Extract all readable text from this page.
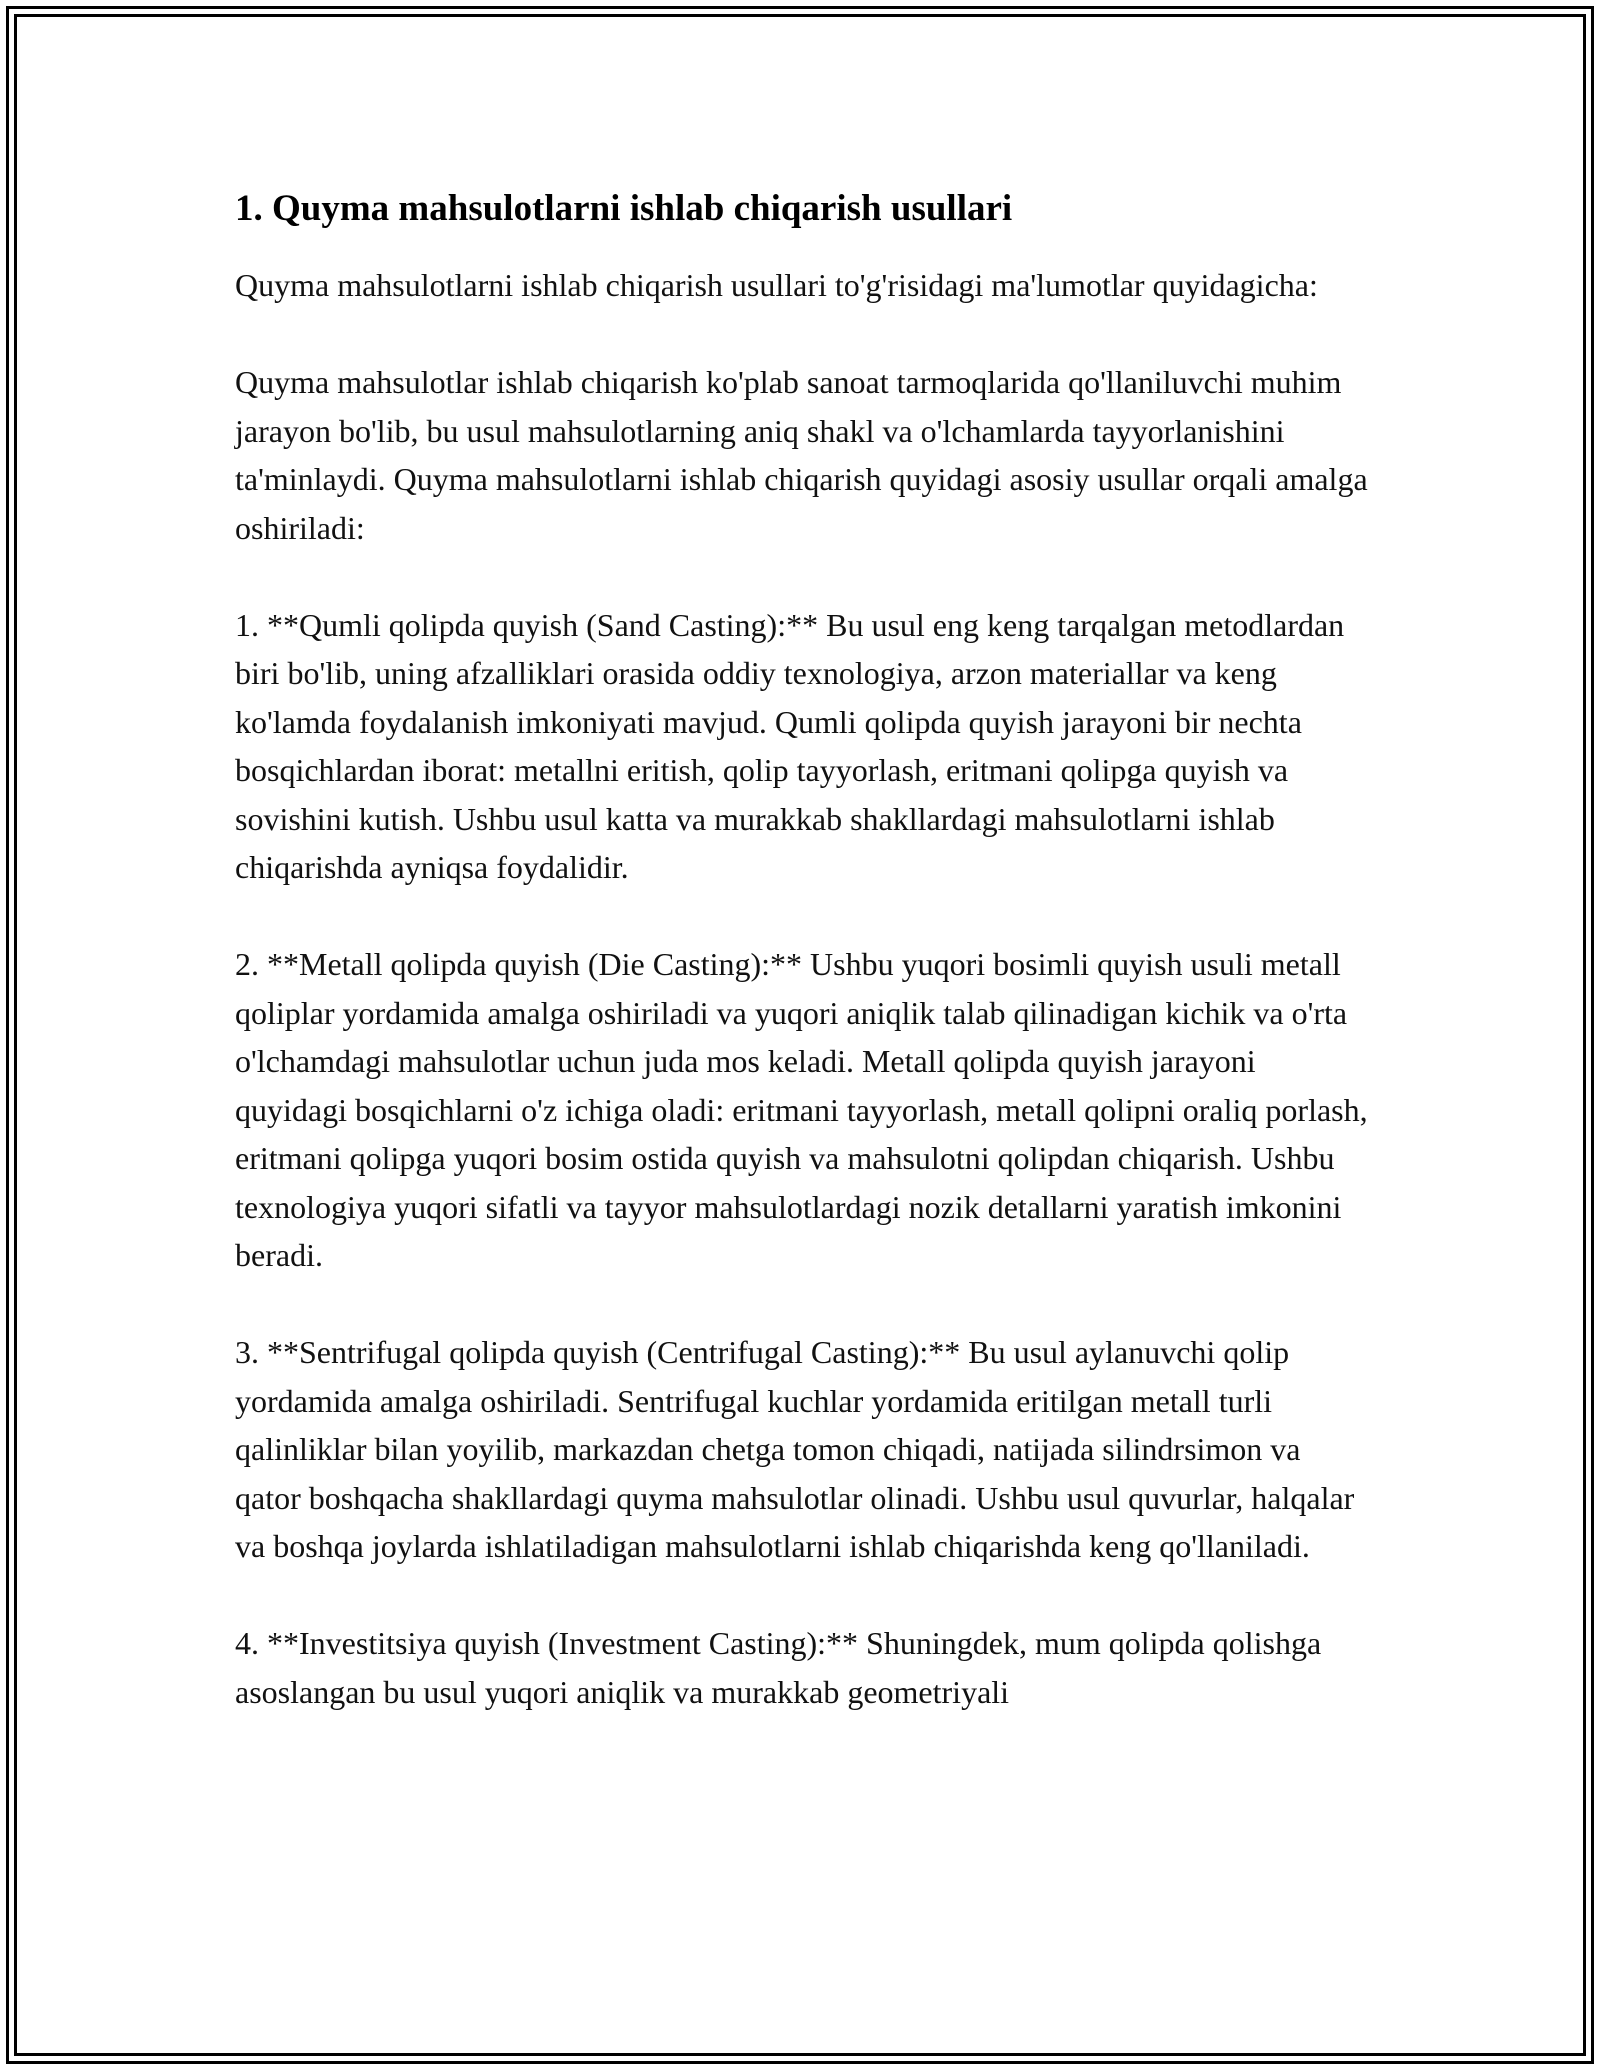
1. Quyma mahsulotlarni ishlab chiqarish usullari

Quyma mahsulotlarni ishlab chiqarish usullari to'g'risidagi ma'lumotlar quyidagicha:

Quyma mahsulotlar ishlab chiqarish ko'plab sanoat tarmoqlarida qo'llaniluvchi muhim jarayon bo'lib, bu usul mahsulotlarning aniq shakl va o'lchamlarda tayyorlanishini ta'minlaydi. Quyma mahsulotlarni ishlab chiqarish quyidagi asosiy usullar orqali amalga oshiriladi:

1. **Qumli qolipda quyish (Sand Casting):** Bu usul eng keng tarqalgan metodlardan biri bo'lib, uning afzalliklari orasida oddiy texnologiya, arzon materiallar va keng ko'lamda foydalanish imkoniyati mavjud. Qumli qolipda quyish jarayoni bir nechta bosqichlardan iborat: metallni eritish, qolip tayyorlash, eritmani qolipga quyish va sovishini kutish. Ushbu usul katta va murakkab shakllardagi mahsulotlarni ishlab chiqarishda ayniqsa foydalidir.

2. **Metall qolipda quyish (Die Casting):** Ushbu yuqori bosimli quyish usuli metall qoliplar yordamida amalga oshiriladi va yuqori aniqlik talab qilinadigan kichik va o'rta o'lchamdagi mahsulotlar uchun juda mos keladi. Metall qolipda quyish jarayoni quyidagi bosqichlarni o'z ichiga oladi: eritmani tayyorlash, metall qolipni oraliq porlash, eritmani qolipga yuqori bosim ostida quyish va mahsulotni qolipdan chiqarish. Ushbu texnologiya yuqori sifatli va tayyor mahsulotlardagi nozik detallarni yaratish imkonini beradi.

3. **Sentrifugal qolipda quyish (Centrifugal Casting):** Bu usul aylanuvchi qolip yordamida amalga oshiriladi. Sentrifugal kuchlar yordamida eritilgan metall turli qalinliklar bilan yoyilib, markazdan chetga tomon chiqadi, natijada silindrsimon va qator boshqacha shakllardagi quyma mahsulotlar olinadi. Ushbu usul quvurlar, halqalar va boshqa joylarda ishlatiladigan mahsulotlarni ishlab chiqarishda keng qo'llaniladi.

4. **Investitsiya quyish (Investment Casting):** Shuningdek, mum qolipda qolishga asoslangan bu usul yuqori aniqlik va murakkab geometriyali
